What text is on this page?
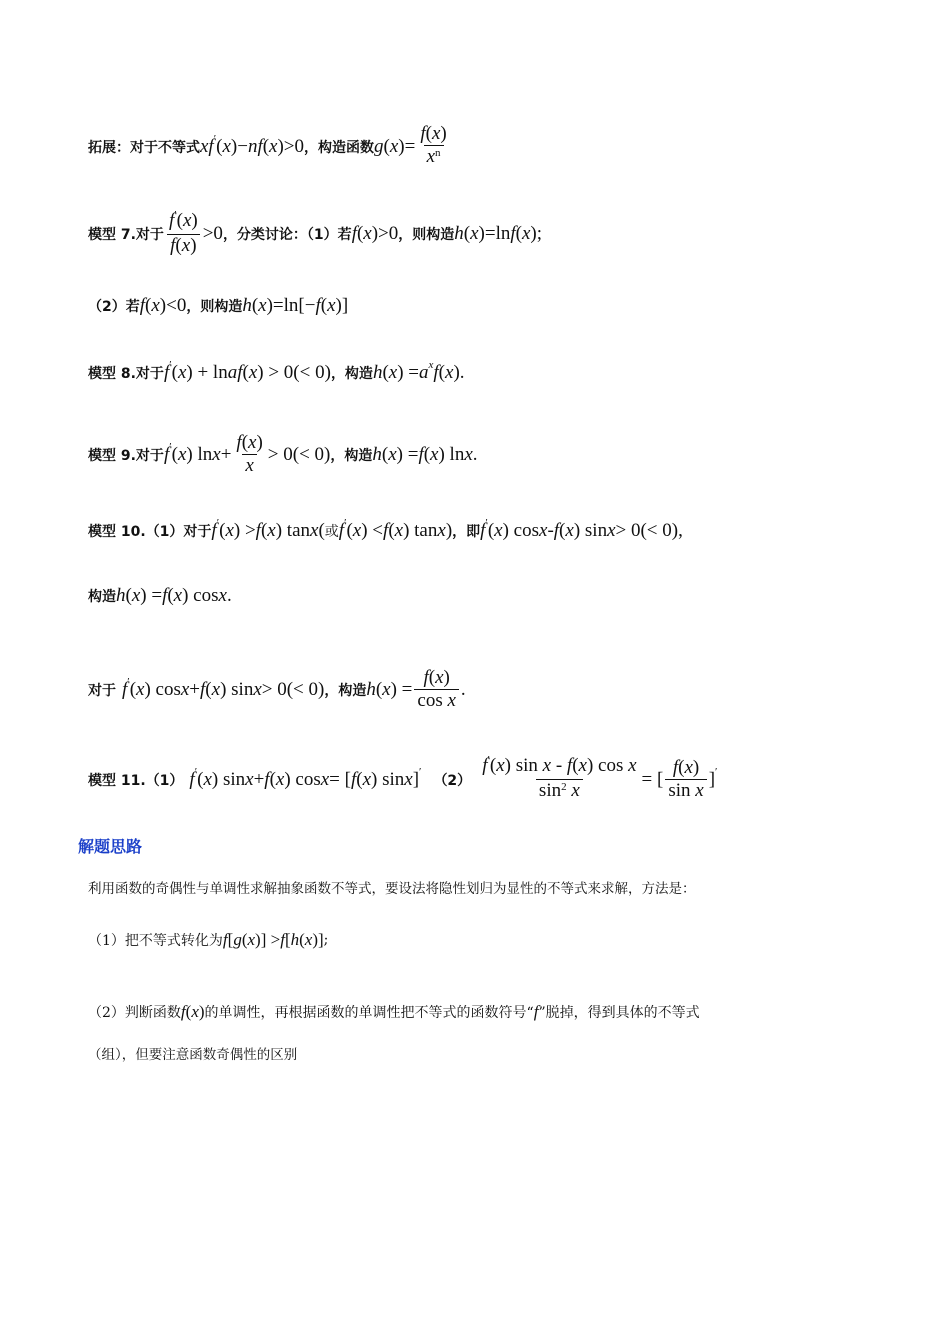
拓展：对于不等式 xf ′ ( x )− nf ( x )>0 ，构造函数 g ( x )= $\frac{f(x)}{x^n}$
模型 7.对于 $\frac{f'(x)}{f(x)} >0$ ，分类讨论：（1）若 f ( x )>0 ，则构造 h ( x )=ln f ( x );
（2）若 f ( x )<0 ，则构造 h ( x )=ln[− f ( x )]
模型 8.对于 f ′ ( x ) + ln af ( x ) > 0(< 0) ，构造 h ( x ) = a x f ( x ).
模型 9.对于 f ′ ( x ) $\ln x + \frac{f(x)}{x} > 0(< 0)$ ，构造 h ( x ) = f ( x ) ln x .
模型 10.（1）对于 f ′ ( x ) > f ( x ) tan x ( 或 f ′ ( x ) < f ( x ) tan x ) ，即 f ′ ( x ) cos x - f ( x ) sin x > 0(< 0),
构造 h ( x ) = f ( x ) cos x .
对于 f ′ ( x ) cos x + f ( x ) sin x > 0(< 0) ，构造 h ( x ) = $\frac{f(x)}{\text{cos x}}$ .
模型 11.（1） f ′ ( x ) sin x + f ( x ) cos x = [ f ( x ) sin x ] ′
$(2) \frac{f'(x) \sin x - f(x) \cos x}{\sin^2 x}$ = [ $\frac{f(x)}{\text{sin x}}$ ] ′
解题思路
利用函数的奇偶性与单调性求解抽象函数不等式，要设法将隐性划归为显性的不等式来求解，方法是：
（1）把不等式转化为 f [ g ( x )] > f [ h ( x )] ;
（2）判断函数 f ( x ) 的单调性，再根据函数的单调性把不等式的函数符号“ f ”脱掉，得到具体的不等式
（组），但要注意函数奇偶性的区别
